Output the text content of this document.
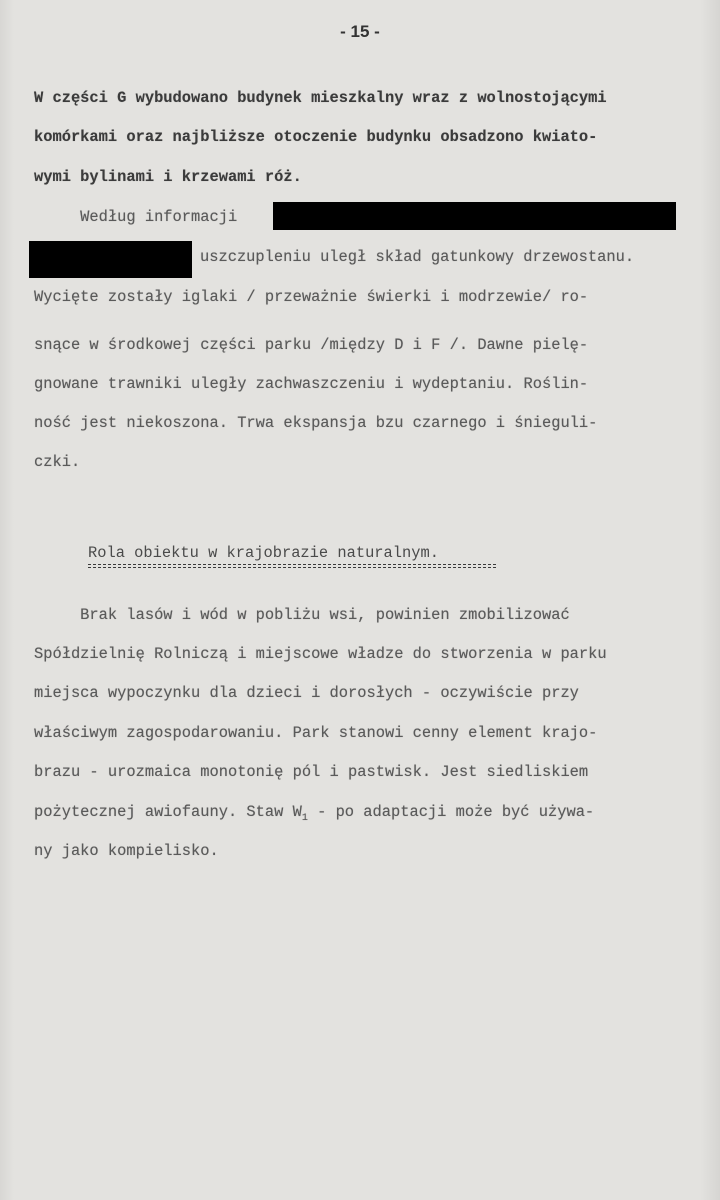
- 15 -
W części G wybudowano budynek mieszkalny wraz z wolnostojącymi
komórkami oraz najbliższe otoczenie budynku obsadzono kwiato-
wymi bylinami i krzewami róż.
Według informacji
uszczupleniu uległ skład gatunkowy drzewostanu.
Wycięte zostały iglaki / przeważnie świerki i modrzewie/ ro-
snące w środkowej części parku /między D i F /. Dawne pielę-
gnowane trawniki uległy zachwaszczeniu i wydeptaniu. Roślin-
ność jest niekoszona. Trwa ekspansja bzu czarnego i śnieguli-
czki.
Rola obiektu w krajobrazie naturalnym.
Brak lasów i wód w pobliżu wsi, powinien zmobilizować
Spółdzielnię Rolniczą i miejscowe władze do stworzenia w parku
miejsca wypoczynku dla dzieci i dorosłych - oczywiście przy
właściwym zagospodarowaniu. Park stanowi cenny element krajo-
brazu - urozmaica monotonię pól i pastwisk. Jest siedliskiem
pożytecznej awiofauny. Staw $W_1$ - po adaptacji może być używa-
ny jako kompielisko.
